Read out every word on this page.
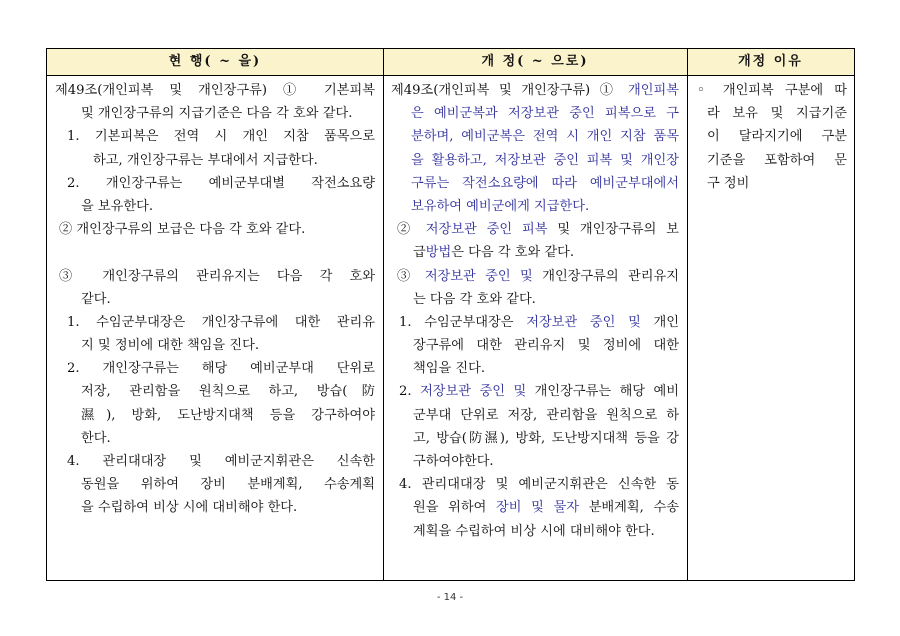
현 행( ~ 을)	개 정( ~ 으로)	개정 이유
제49조(개인피복 및 개인장구류) ① 기본피복
및 개인장구류의 지급기준은 다음 각 호와 같다.
1. 기본피복은 전역 시 개인 지참 품목으로
하고, 개인장구류는 부대에서 지급한다.
2. 개인장구류는 예비군부대별 작전소요량
을 보유한다.
② 개인장구류의 보급은 다음 각 호와 같다.
③ 개인장구류의 관리유지는 다음 각 호와
같다.
1. 수임군부대장은 개인장구류에 대한 관리유
지 및 정비에 대한 책임을 진다.
2. 개인장구류는 해당 예비군부대 단위로
저장, 관리함을 원칙으로 하고, 방습(防
濕), 방화, 도난방지대책 등을 강구하여야
한다.
4. 관리대대장 및 예비군지휘관은 신속한
동원을 위하여 장비 분배계획, 수송계획
을 수립하여 비상 시에 대비해야 한다.
제49조(개인피복 및 개인장구류) ① 개인피복
은 예비군복과 저장보관 중인 피복으로 구
분하며, 예비군복은 전역 시 개인 지참 품목
을 활용하고, 저장보관 중인 피복 및 개인장
구류는 작전소요량에 따라 예비군부대에서
보유하여 예비군에게 지급한다.
② 저장보관 중인 피복 및 개인장구류의 보
급방법은 다음 각 호와 같다.
③ 저장보관 중인 및 개인장구류의 관리유지
는 다음 각 호와 같다.
1. 수임군부대장은 저장보관 중인 및 개인
장구류에 대한 관리유지 및 정비에 대한
책임을 진다.
2. 저장보관 중인 및 개인장구류는 해당 예비
군부대 단위로 저장, 관리함을 원칙으로 하
고, 방습(防濕), 방화, 도난방지대책 등을 강
구하여야한다.
4. 관리대대장 및 예비군지휘관은 신속한 동
원을 위하여 장비 및 물자 분배계획, 수송
계획을 수립하여 비상 시에 대비해야 한다.
◦ 개인피복 구분에 따
라 보유 및 지급기준
이 달라지기에 구분
기준을 포함하여 문
구 정비
- 14 -
